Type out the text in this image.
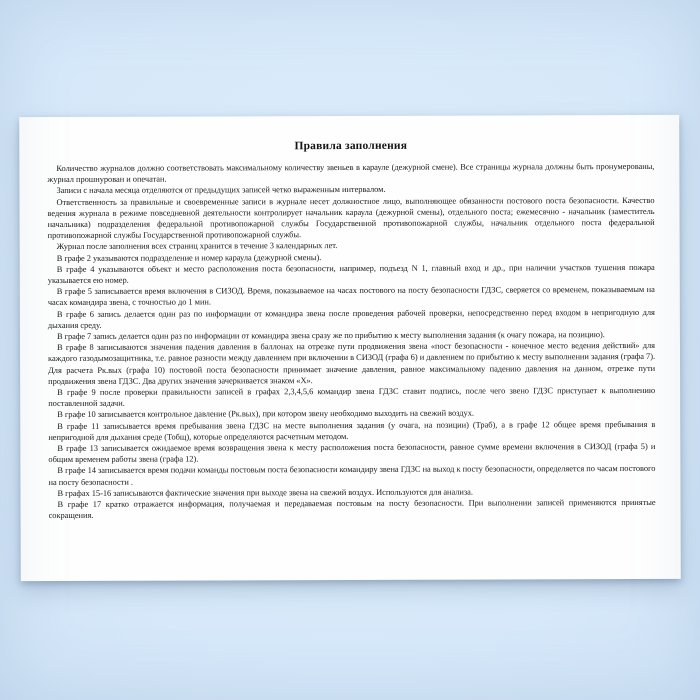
Правила заполнения

Количество журналов должно соответствовать максимальному количеству звеньев в карауле (дежурной смене). Все страницы журнала должны быть пронумерованы, журнал прошнурован и опечатан.

Записи с начала месяца отделяются от предыдущих записей четко выраженным интервалом.

Ответственность за правильные и своевременные записи в журнале несет должностное лицо, выполняющее обязанности постового поста безопасности. Качество ведения журнала в режиме повседневной деятельности контролирует начальник караула (дежурной смены), отдельного поста; ежемесячно - начальник (заместитель начальника) подразделения федеральной противопожарной службы Государственной противопожарной службы, начальник отдельного поста федеральной противопожарной службы Государственной противопожарной службы.

Журнал после заполнения всех страниц хранится в течение 3 календарных лет.

В графе 2 указываются подразделение и номер караула (дежурной смены).

В графе 4 указываются объект и место расположения поста безопасности, например, подъезд N 1, главный вход и др., при наличии участков тушения пожара указывается ею номер.

В графе 5 записывается время включения в СИЗОД. Время, показываемое на часах постового на посту безопасности ГДЗС, сверяется со временем, показываемым на часах командира звена, с точностью до 1 мин.

В графе 6 запись делается один раз по информации от командира звена после проведения рабочей проверки, непосредственно перед входом в непригодную для дыхания среду.

В графе 7 запись делается один раз по информации от командира звена сразу же по прибытию к месту выполнения задания (к очагу пожара, на позицию).

В графе 8 записываются значения падения давления в баллонах на отрезке пути продвижения звена «пост безопасности - конечное место ведения действий» для каждого газодымозащитника, т.е. равное разности между давлением при включении в СИЗОД (графа 6) и давлением по прибытию к месту выполнении задания (графа 7). Для расчета Рк.вых (графа 10) постовой поста безопасности принимает значение давления, равное максимальному падению давления на данном, отрезке пути продвижения звена ГДЗС. Два других значения зачеркивается знаком «Х».

В графе 9 после проверки правильности записей в графах 2,3,4,5,6 командир звена ГДЗС ставит подпись, после чего звено ГДЗС приступает к выполнению поставленной задачи.

В графе 10 записывается контрольное давление (Рк.вых), при котором звену необходимо выходить на свежий воздух.

В графе 11 записывается время пребывания звена ГДЗС на месте выполнения задания (у очага, на позиции) (Траб), а в графе 12 общее время пребывания в непригодной для дыхания среде (Тобщ), которые определяются расчетным методом.

В графе 13 записывается ожидаемое время возвращения звена к месту расположения поста безопасности, равное сумме времени включения в СИЗОД (графа 5) и общим временем работы звена (графа 12).

В графе 14 записывается время подачи команды постовым поста безопасности командиру звена ГДЗС на выход к посту безопасности, определяется по часам постового на посту безопасности .

В графах 15-16 записываются фактические значения при выходе звена на свежий воздух. Используются для анализа.

В графе 17 кратко отражается информация, получаемая и передаваемая постовым на посту безопасности. При выполнении записей применяются принятые сокращения.
